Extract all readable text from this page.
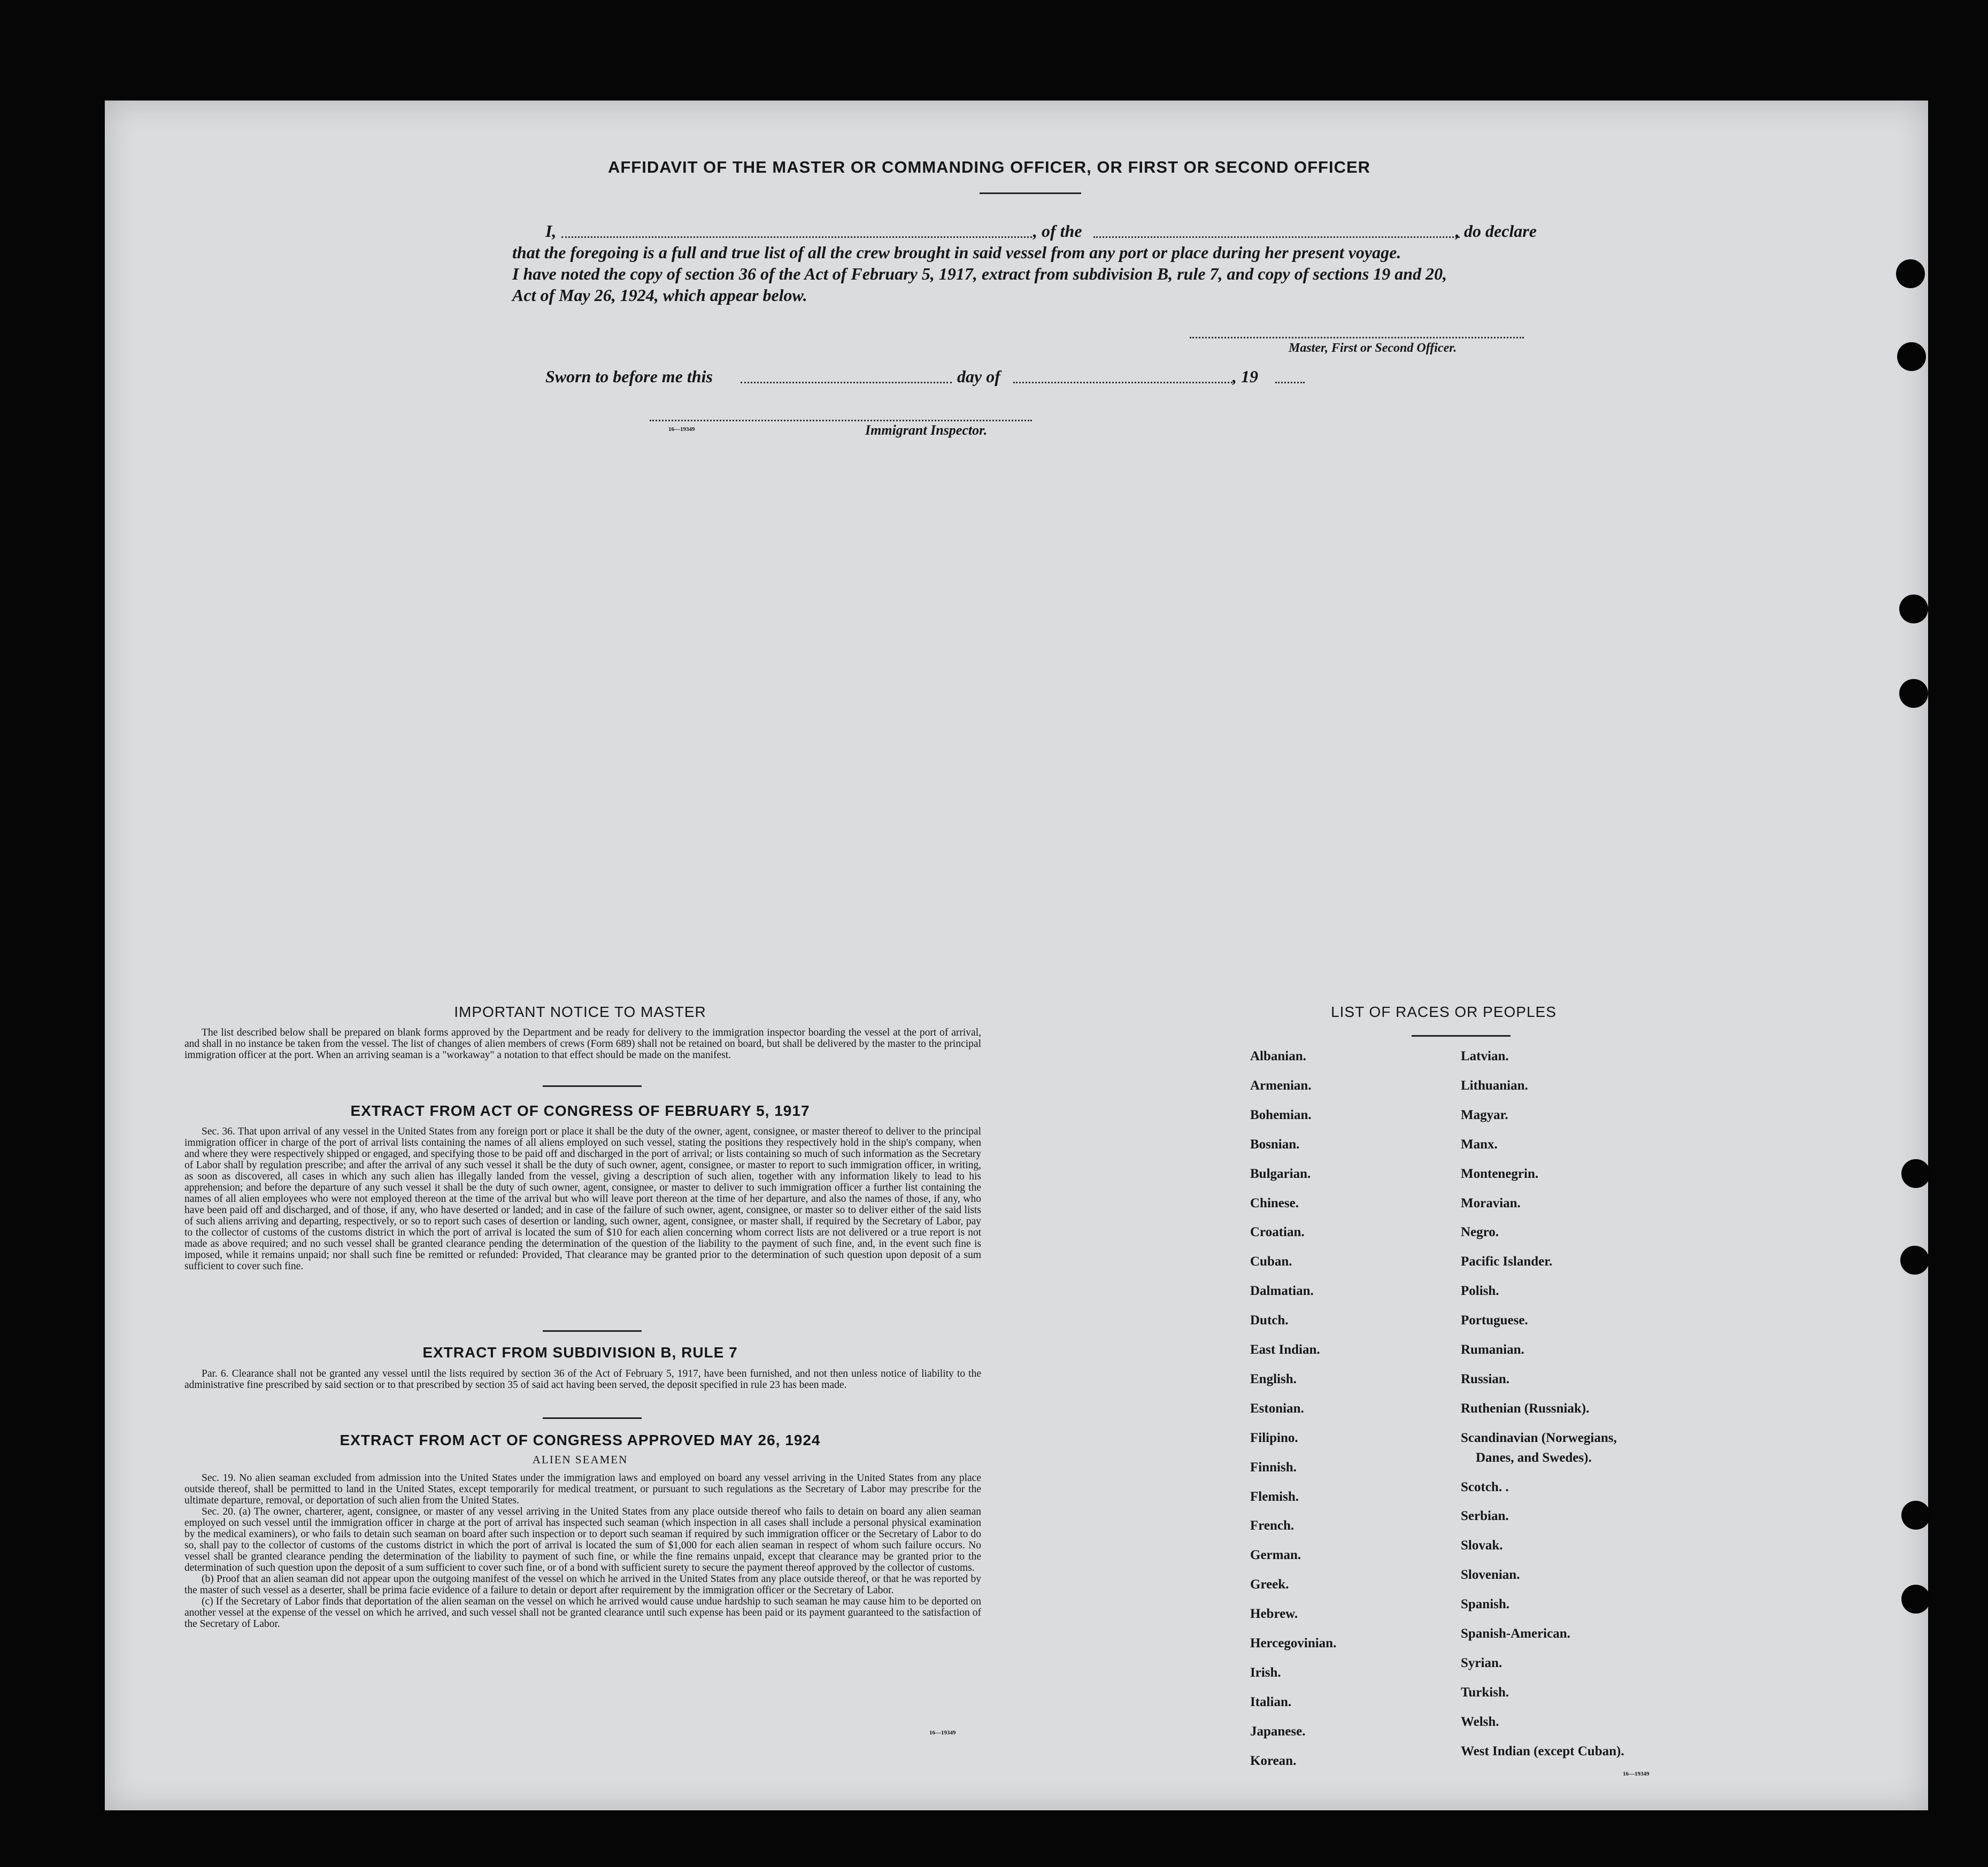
AFFIDAVIT OF THE MASTER OR COMMANDING OFFICER, OR FIRST OR SECOND OFFICER
I,	, of the	, do declare
that the foregoing is a full and true list of all the crew brought in said vessel from any port or place during her present voyage.
I have noted the copy of section 36 of the Act of February 5, 1917, extract from subdivision B, rule 7, and copy of sections 19 and 20,
Act of May 26, 1924, which appear below.
Master, First or Second Officer.
Sworn to before me this	day of	, 19
16—19349	Immigrant Inspector.
IMPORTANT NOTICE TO MASTER

The list described below shall be prepared on blank forms approved by the Department and be ready for delivery to the immigration inspector boarding the vessel at the port of arrival, and shall in no instance be taken from the vessel. The list of changes of alien members of crews (Form 689) shall not be retained on board, but shall be delivered by the master to the principal immigration officer at the port. When an arriving seaman is a "workaway" a notation to that effect should be made on the manifest.

EXTRACT FROM ACT OF CONGRESS OF FEBRUARY 5, 1917

Sec. 36. That upon arrival of any vessel in the United States from any foreign port or place it shall be the duty of the owner, agent, consignee, or master thereof to deliver to the principal immigration officer in charge of the port of arrival lists containing the names of all aliens employed on such vessel, stating the positions they respectively hold in the ship's company, when and where they were respectively shipped or engaged, and specifying those to be paid off and discharged in the port of arrival; or lists containing so much of such information as the Secretary of Labor shall by regulation prescribe; and after the arrival of any such vessel it shall be the duty of such owner, agent, consignee, or master to report to such immigration officer, in writing, as soon as discovered, all cases in which any such alien has illegally landed from the vessel, giving a description of such alien, together with any information likely to lead to his apprehension; and before the departure of any such vessel it shall be the duty of such owner, agent, consignee, or master to deliver to such immigration officer a further list containing the names of all alien employees who were not employed thereon at the time of the arrival but who will leave port thereon at the time of her departure, and also the names of those, if any, who have been paid off and discharged, and of those, if any, who have deserted or landed; and in case of the failure of such owner, agent, consignee, or master so to deliver either of the said lists of such aliens arriving and departing, respectively, or so to report such cases of desertion or landing, such owner, agent, consignee, or master shall, if required by the Secretary of Labor, pay to the collector of customs of the customs district in which the port of arrival is located the sum of $10 for each alien concerning whom correct lists are not delivered or a true report is not made as above required; and no such vessel shall be granted clearance pending the determination of the question of the liability to the payment of such fine, and, in the event such fine is imposed, while it remains unpaid; nor shall such fine be remitted or refunded: Provided, That clearance may be granted prior to the determination of such question upon deposit of a sum sufficient to cover such fine.

EXTRACT FROM SUBDIVISION B, RULE 7

Par. 6. Clearance shall not be granted any vessel until the lists required by section 36 of the Act of February 5, 1917, have been furnished, and not then unless notice of liability to the administrative fine prescribed by said section or to that prescribed by section 35 of said act having been served, the deposit specified in rule 23 has been made.

EXTRACT FROM ACT OF CONGRESS APPROVED MAY 26, 1924
ALIEN SEAMEN

Sec. 19. No alien seaman excluded from admission into the United States under the immigration laws and employed on board any vessel arriving in the United States from any place outside thereof, shall be permitted to land in the United States, except temporarily for medical treatment, or pursuant to such regulations as the Secretary of Labor may prescribe for the ultimate departure, removal, or deportation of such alien from the United States.

Sec. 20. (a) The owner, charterer, agent, consignee, or master of any vessel arriving in the United States from any place outside thereof who fails to detain on board any alien seaman employed on such vessel until the immigration officer in charge at the port of arrival has inspected such seaman (which inspection in all cases shall include a personal physical examination by the medical examiners), or who fails to detain such seaman on board after such inspection or to deport such seaman if required by such immigration officer or the Secretary of Labor to do so, shall pay to the collector of customs of the customs district in which the port of arrival is located the sum of $1,000 for each alien seaman in respect of whom such failure occurs. No vessel shall be granted clearance pending the determination of the liability to payment of such fine, or while the fine remains unpaid, except that clearance may be granted prior to the determination of such question upon the deposit of a sum sufficient to cover such fine, or of a bond with sufficient surety to secure the payment thereof approved by the collector of customs.

(b) Proof that an alien seaman did not appear upon the outgoing manifest of the vessel on which he arrived in the United States from any place outside thereof, or that he was reported by the master of such vessel as a deserter, shall be prima facie evidence of a failure to detain or deport after requirement by the immigration officer or the Secretary of Labor.

(c) If the Secretary of Labor finds that deportation of the alien seaman on the vessel on which he arrived would cause undue hardship to such seaman he may cause him to be deported on another vessel at the expense of the vessel on which he arrived, and such vessel shall not be granted clearance until such expense has been paid or its payment guaranteed to the satisfaction of the Secretary of Labor.

16—19349
LIST OF RACES OR PEOPLES
Albanian.
Armenian.
Bohemian.
Bosnian.
Bulgarian.
Chinese.
Croatian.
Cuban.
Dalmatian.
Dutch.
East Indian.
English.
Estonian.
Filipino.
Finnish.
Flemish.
French.
German.
Greek.
Hebrew.
Hercegovinian.
Irish.
Italian.
Japanese.
Korean.
Latvian.
Lithuanian.
Magyar.
Manx.
Montenegrin.
Moravian.
Negro.
Pacific Islander.
Polish.
Portuguese.
Rumanian.
Russian.
Ruthenian (Russniak).
Scandinavian (Norwegians,
Danes, and Swedes).
Scotch. .
Serbian.
Slovak.
Slovenian.
Spanish.
Spanish-American.
Syrian.
Turkish.
Welsh.
West Indian (except Cuban).
16—19349
